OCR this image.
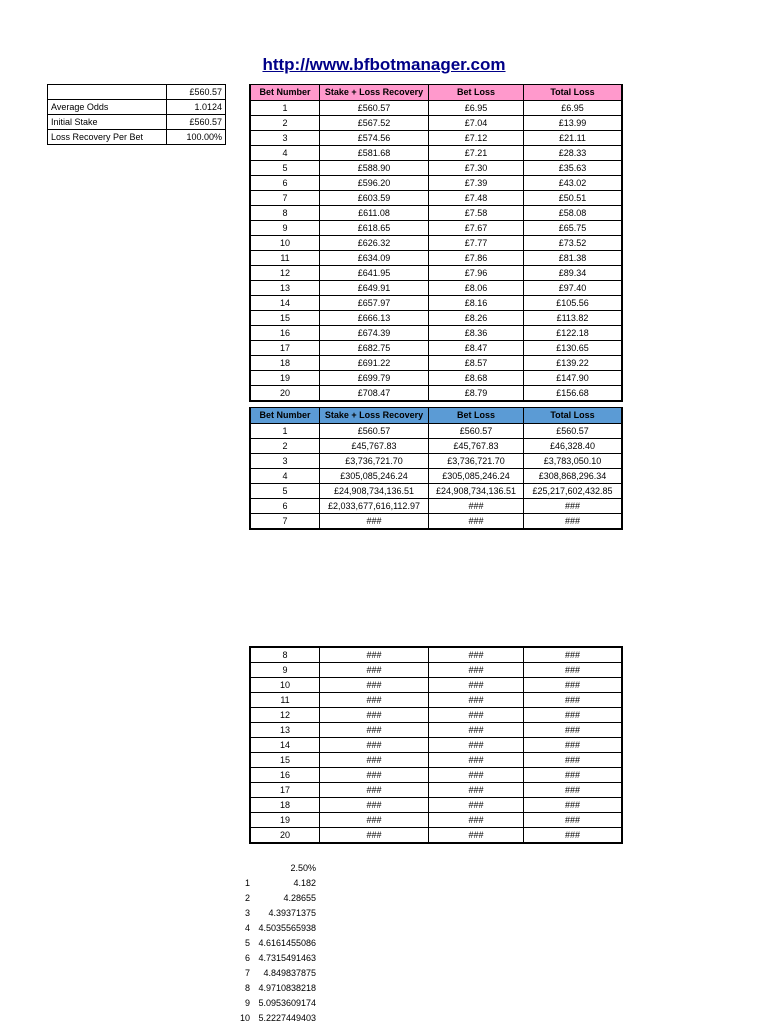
http://www.bfbotmanager.com
	£560.57
Average Odds	1.0124
Initial Stake	£560.57
Loss Recovery Per Bet	100.00%
Bet Number	Stake + Loss Recovery	Bet Loss	Total Loss
1	£560.57	£6.95	£6.95
2	£567.52	£7.04	£13.99
3	£574.56	£7.12	£21.11
4	£581.68	£7.21	£28.33
5	£588.90	£7.30	£35.63
6	£596.20	£7.39	£43.02
7	£603.59	£7.48	£50.51
8	£611.08	£7.58	£58.08
9	£618.65	£7.67	£65.75
10	£626.32	£7.77	£73.52
11	£634.09	£7.86	£81.38
12	£641.95	£7.96	£89.34
13	£649.91	£8.06	£97.40
14	£657.97	£8.16	£105.56
15	£666.13	£8.26	£113.82
16	£674.39	£8.36	£122.18
17	£682.75	£8.47	£130.65
18	£691.22	£8.57	£139.22
19	£699.79	£8.68	£147.90
20	£708.47	£8.79	£156.68
Bet Number	Stake + Loss Recovery	Bet Loss	Total Loss
1	£560.57	£560.57	£560.57
2	£45,767.83	£45,767.83	£46,328.40
3	£3,736,721.70	£3,736,721.70	£3,783,050.10
4	£305,085,246.24	£305,085,246.24	£308,868,296.34
5	£24,908,734,136.51	£24,908,734,136.51	£25,217,602,432.85
6	£2,033,677,616,112.97	###	###
7	###	###	###
8	###	###	###
9	###	###	###
10	###	###	###
11	###	###	###
12	###	###	###
13	###	###	###
14	###	###	###
15	###	###	###
16	###	###	###
17	###	###	###
18	###	###	###
19	###	###	###
20	###	###	###
	2.50%
1	4.182
2	4.28655
3	4.39371375
4	4.5035565938
5	4.6161455086
6	4.7315491463
7	4.849837875
8	4.9710838218
9	5.0953609174
10	5.2227449403
